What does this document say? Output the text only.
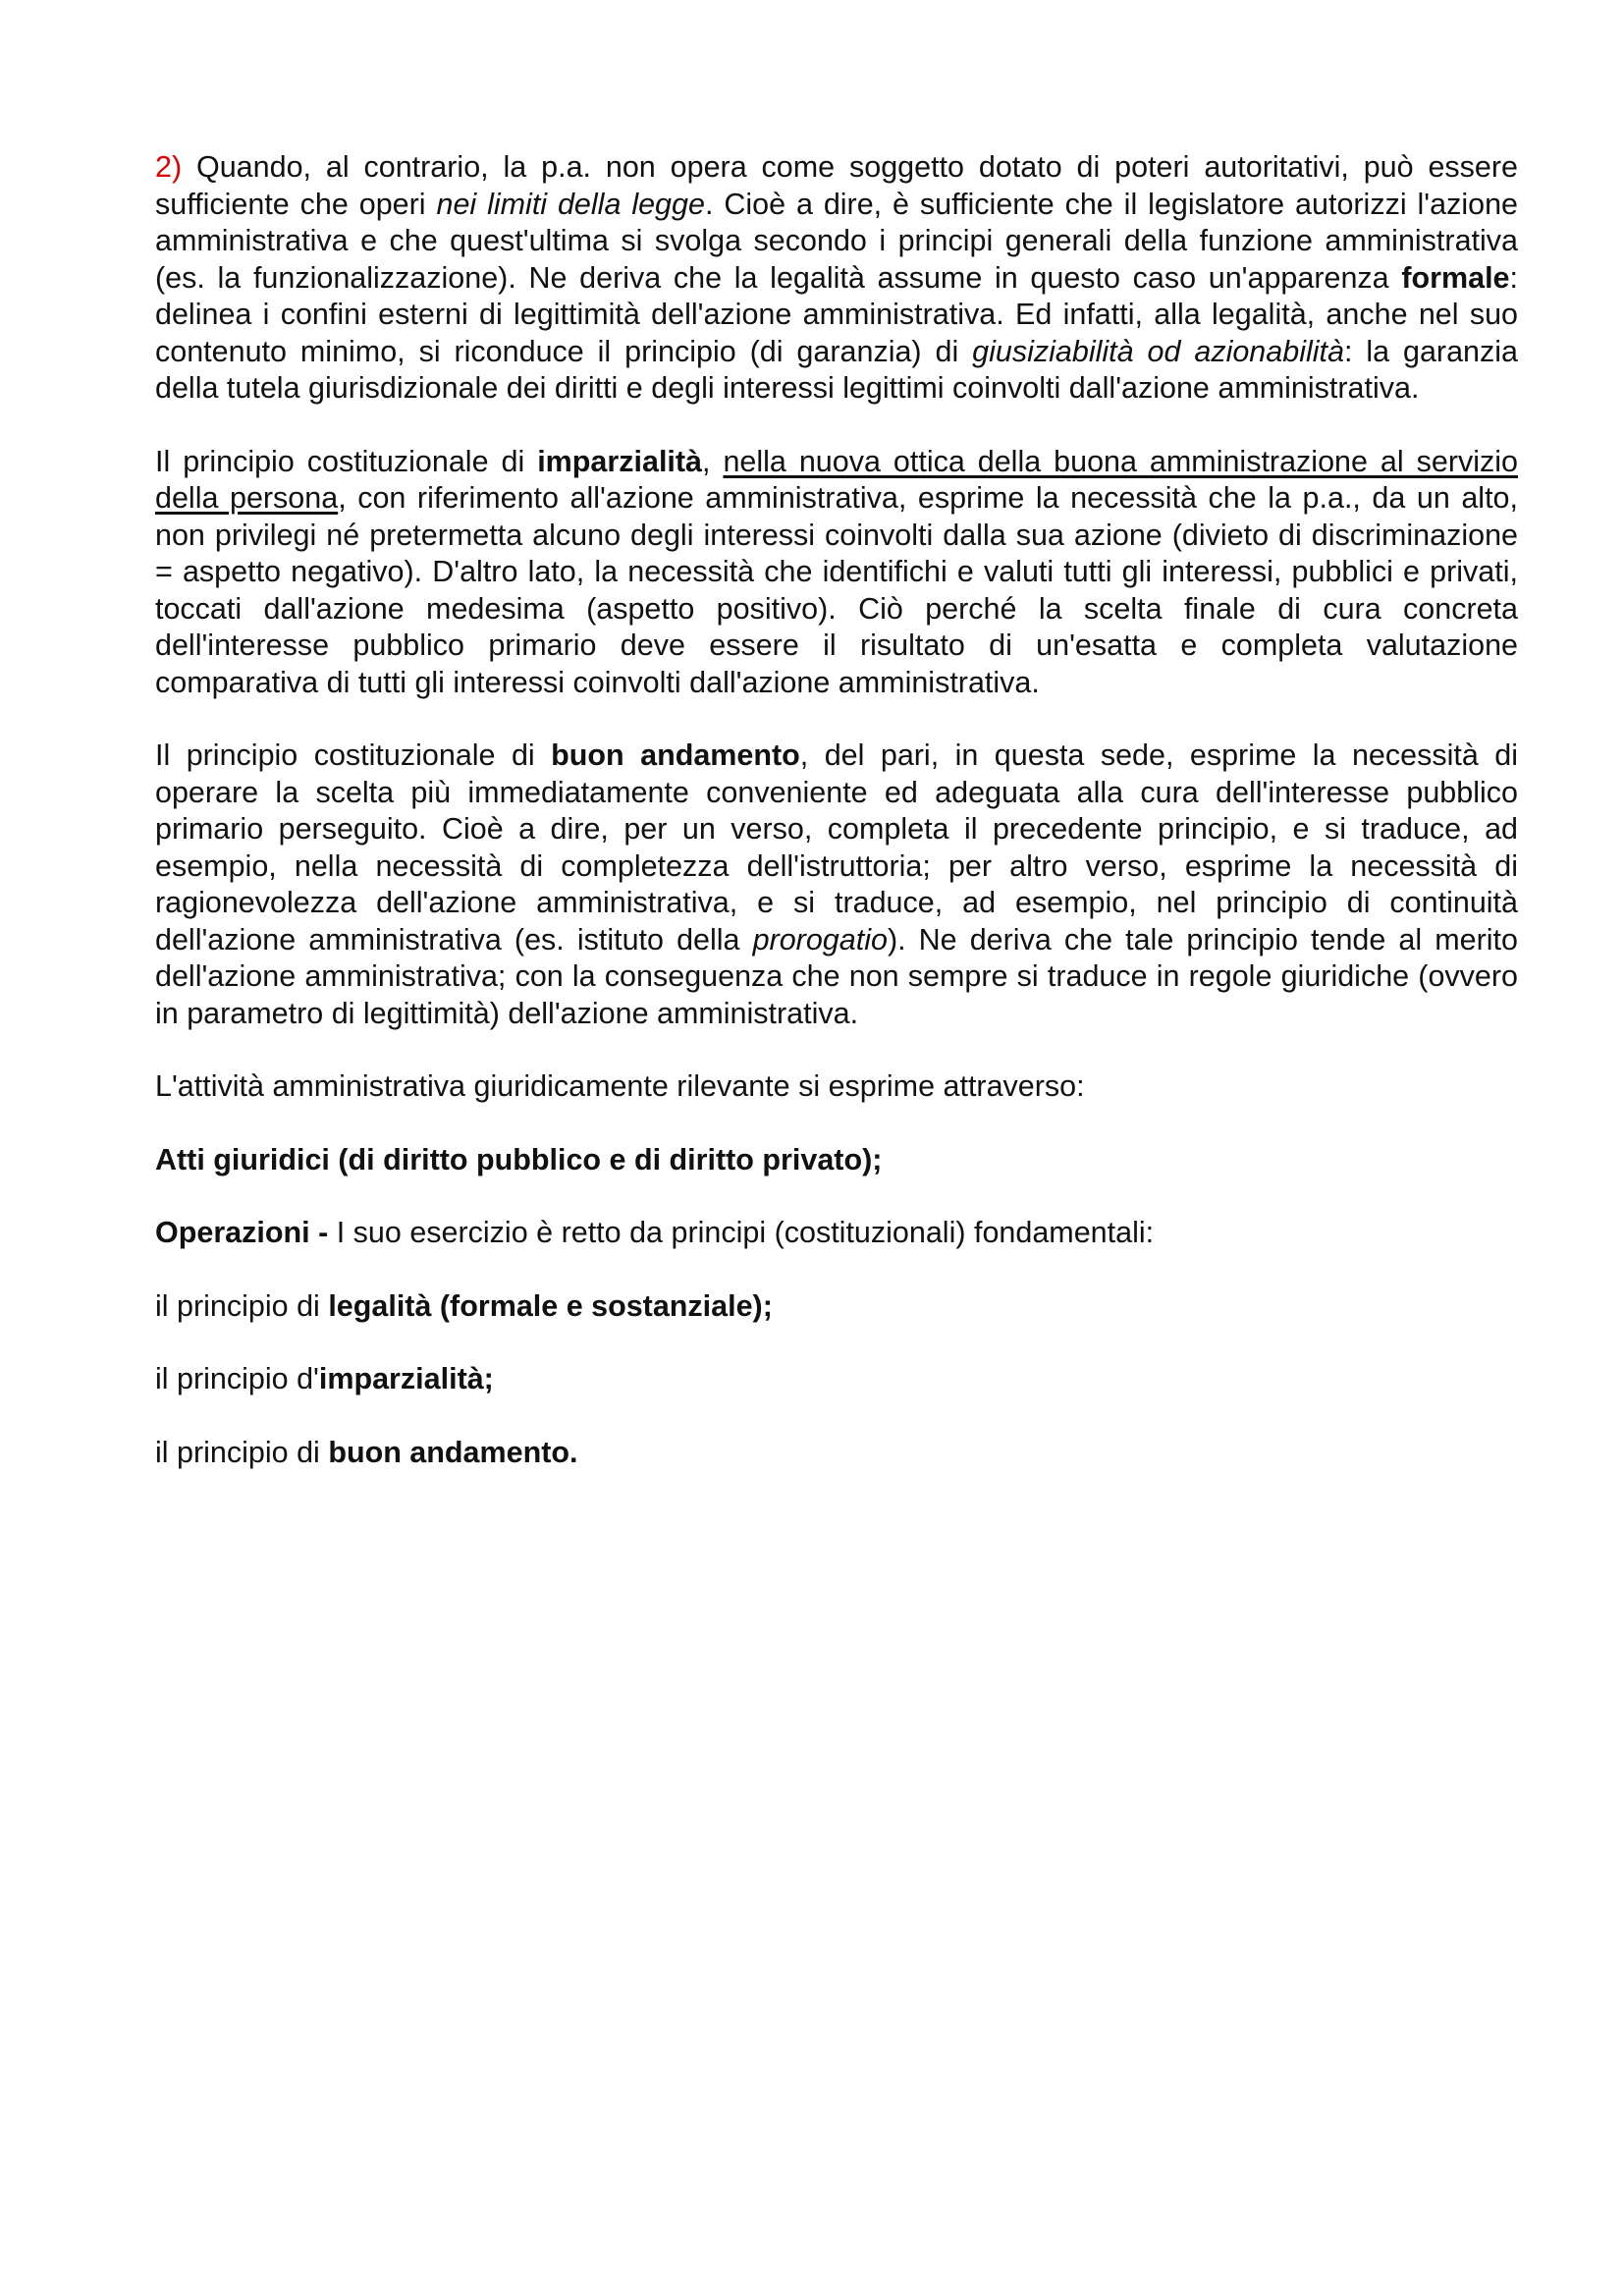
2) Quando, al contrario, la p.a. non opera come soggetto dotato di poteri autoritativi, può essere sufficiente che operi nei limiti della legge. Cioè a dire, è sufficiente che il legislatore autorizzi l'azione amministrativa e che quest'ultima si svolga secondo i principi generali della funzione amministrativa (es. la funzionalizzazione). Ne deriva che la legalità assume in questo caso un'apparenza formale: delinea i confini esterni di legittimità dell'azione amministrativa. Ed infatti, alla legalità, anche nel suo contenuto minimo, si riconduce il principio (di garanzia) di giusiziabilità od azionabilità: la garanzia della tutela giurisdizionale dei diritti e degli interessi legittimi coinvolti dall'azione amministrativa.

Il principio costituzionale di imparzialità, nella nuova ottica della buona amministrazione al servizio della persona, con riferimento all'azione amministrativa, esprime la necessità che la p.a., da un alto, non privilegi né pretermetta alcuno degli interessi coinvolti dalla sua azione (divieto di discriminazione = aspetto negativo). D'altro lato, la necessità che identifichi e valuti tutti gli interessi, pubblici e privati, toccati dall'azione medesima (aspetto positivo). Ciò perché la scelta finale di cura concreta dell'interesse pubblico primario deve essere il risultato di un'esatta e completa valutazione comparativa di tutti gli interessi coinvolti dall'azione amministrativa.

Il principio costituzionale di buon andamento, del pari, in questa sede, esprime la necessità di operare la scelta più immediatamente conveniente ed adeguata alla cura dell'interesse pubblico primario perseguito. Cioè a dire, per un verso, completa il precedente principio, e si traduce, ad esempio, nella necessità di completezza dell'istruttoria; per altro verso, esprime la necessità di ragionevolezza dell'azione amministrativa, e si traduce, ad esempio, nel principio di continuità dell'azione amministrativa (es. istituto della prorogatio). Ne deriva che tale principio tende al merito dell'azione amministrativa; con la conseguenza che non sempre si traduce in regole giuridiche (ovvero in parametro di legittimità) dell'azione amministrativa.

L'attività amministrativa giuridicamente rilevante si esprime attraverso:

Atti giuridici (di diritto pubblico e di diritto privato);

Operazioni - I suo esercizio è retto da principi (costituzionali) fondamentali:

il principio di legalità (formale e sostanziale);

il principio d'imparzialità;

il principio di buon andamento.
